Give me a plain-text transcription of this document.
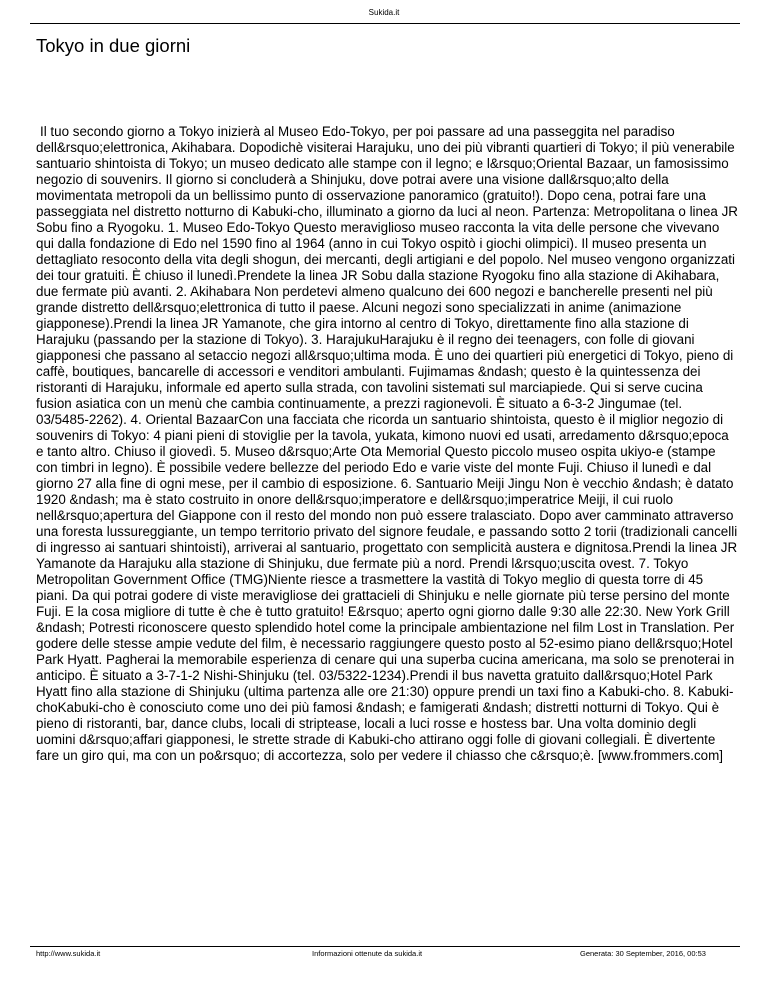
Sukida.it
Tokyo in due giorni

Il tuo secondo giorno a Tokyo inizierà al Museo Edo-Tokyo, per poi passare ad una passeggita nel paradiso dell&rsquo;elettronica, Akihabara. Dopodichè visiterai Harajuku, uno dei più vibranti quartieri di Tokyo; il più venerabile santuario shintoista di Tokyo; un museo dedicato alle stampe con il legno; e l&rsquo;Oriental Bazaar, un famosissimo negozio di souvenirs. Il giorno si concluderà a Shinjuku, dove potrai avere una visione dall&rsquo;alto della movimentata metropoli da un bellissimo punto di osservazione panoramico (gratuito!). Dopo cena, potrai fare una passeggiata nel distretto notturno di Kabuki-cho, illuminato a giorno da luci al neon. Partenza: Metropolitana o linea JR Sobu fino a Ryogoku. 1. Museo Edo-Tokyo Questo meraviglioso museo racconta la vita delle persone che vivevano qui dalla fondazione di Edo nel 1590 fino al 1964 (anno in cui Tokyo ospitò i giochi olimpici). Il museo presenta un dettagliato resoconto della vita degli shogun, dei mercanti, degli artigiani e del popolo. Nel museo vengono organizzati dei tour gratuiti. È chiuso il lunedì.Prendete la linea JR Sobu dalla stazione Ryogoku fino alla stazione di Akihabara, due fermate più avanti. 2. Akihabara Non perdetevi almeno qualcuno dei 600 negozi e bancherelle presenti nel più grande distretto dell&rsquo;elettronica di tutto il paese. Alcuni negozi sono specializzati in anime (animazione giapponese).Prendi la linea JR Yamanote, che gira intorno al centro di Tokyo, direttamente fino alla stazione di Harajuku (passando per la stazione di Tokyo). 3. HarajukuHarajuku è il regno dei teenagers, con folle di giovani giapponesi che passano al setaccio negozi all&rsquo;ultima moda. È uno dei quartieri più energetici di Tokyo, pieno di caffè, boutiques, bancarelle di accessori e venditori ambulanti. Fujimamas &ndash; questo è la quintessenza dei ristoranti di Harajuku, informale ed aperto sulla strada, con tavolini sistemati sul marciapiede. Qui si serve cucina fusion asiatica con un menù che cambia continuamente, a prezzi ragionevoli. È situato a 6-3-2 Jingumae (tel. 03/5485-2262). 4. Oriental BazaarCon una facciata che ricorda un santuario shintoista, questo è il miglior negozio di souvenirs di Tokyo: 4 piani pieni di stoviglie per la tavola, yukata, kimono nuovi ed usati, arredamento d&rsquo;epoca e tanto altro. Chiuso il giovedì. 5. Museo d&rsquo;Arte Ota Memorial Questo piccolo museo ospita ukiyo-e (stampe con timbri in legno). È possibile vedere bellezze del periodo Edo e varie viste del monte Fuji. Chiuso il lunedì e dal giorno 27 alla fine di ogni mese, per il cambio di esposizione. 6. Santuario Meiji Jingu Non è vecchio &ndash; è datato 1920 &ndash; ma è stato costruito in onore dell&rsquo;imperatore e dell&rsquo;imperatrice Meiji, il cui ruolo nell&rsquo;apertura del Giappone con il resto del mondo non può essere tralasciato. Dopo aver camminato attraverso una foresta lussureggiante, un tempo territorio privato del signore feudale, e passando sotto 2 torii (tradizionali cancelli di ingresso ai santuari shintoisti), arriverai al santuario, progettato con semplicità austera e dignitosa.Prendi la linea JR Yamanote da Harajuku alla stazione di Shinjuku, due fermate più a nord. Prendi l&rsquo;uscita ovest. 7. Tokyo Metropolitan Government Office (TMG)Niente riesce a trasmettere la vastità di Tokyo meglio di questa torre di 45 piani. Da qui potrai godere di viste meravigliose dei grattacieli di Shinjuku e nelle giornate più terse persino del monte Fuji. E la cosa migliore di tutte è che è tutto gratuito! E&rsquo; aperto ogni giorno dalle 9:30 alle 22:30. New York Grill &ndash; Potresti riconoscere questo splendido hotel come la principale ambientazione nel film Lost in Translation. Per godere delle stesse ampie vedute del film, è necessario raggiungere questo posto al 52-esimo piano dell&rsquo;Hotel Park Hyatt. Pagherai la memorabile esperienza di cenare qui una superba cucina americana, ma solo se prenoterai in anticipo. È situato a 3-7-1-2 Nishi-Shinjuku (tel. 03/5322-1234).Prendi il bus navetta gratuito dall&rsquo;Hotel Park Hyatt fino alla stazione di Shinjuku (ultima partenza alle ore 21:30) oppure prendi un taxi fino a Kabuki-cho. 8. Kabuki-choKabuki-cho è conosciuto come uno dei più famosi &ndash; e famigerati &ndash; distretti notturni di Tokyo. Qui è pieno di ristoranti, bar, dance clubs, locali di striptease, locali a luci rosse e hostess bar. Una volta dominio degli uomini d&rsquo;affari giapponesi, le strette strade di Kabuki-cho attirano oggi folle di giovani collegiali. È divertente fare un giro qui, ma con un po&rsquo; di accortezza, solo per vedere il chiasso che c&rsquo;è. [www.frommers.com]

http://www.sukida.it	Informazioni ottenute da sukida.it	Generata: 30 September, 2016, 00:53
